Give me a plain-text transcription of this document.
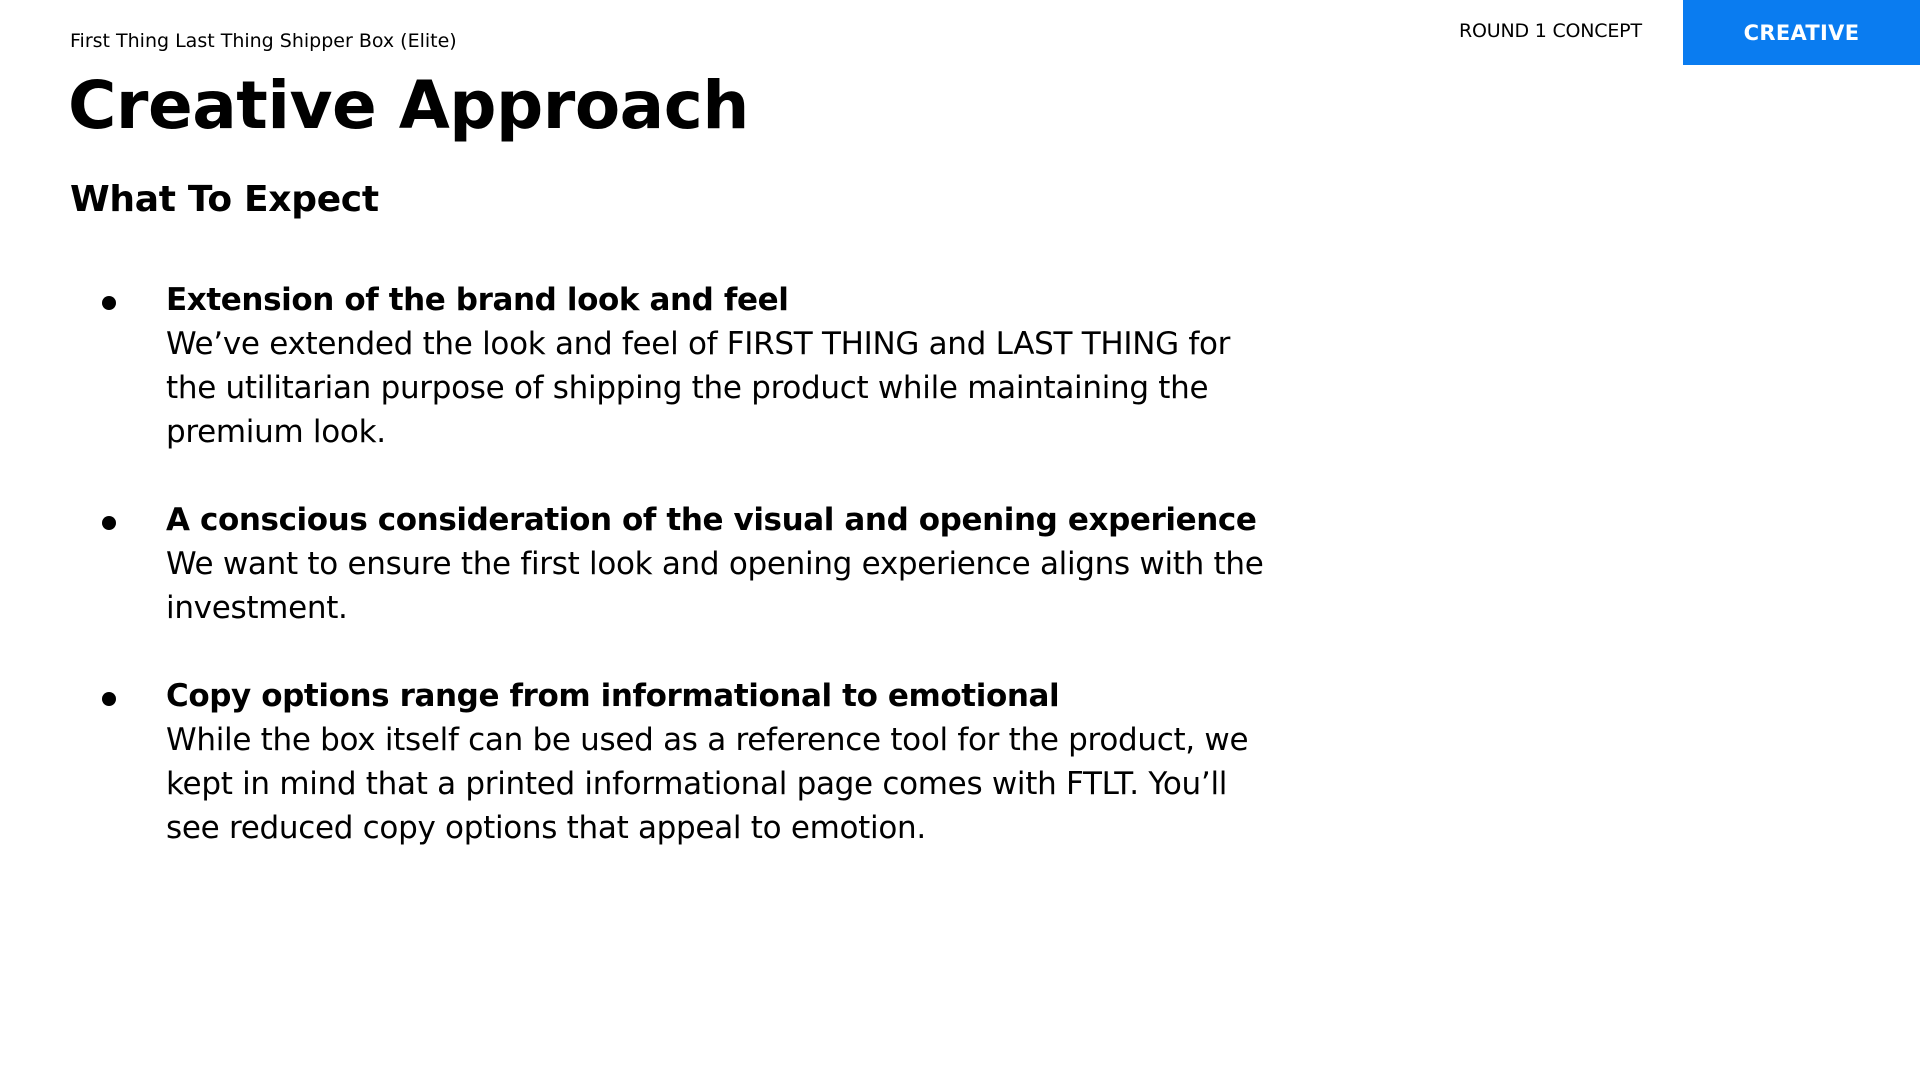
First Thing Last Thing Shipper Box (Elite)	ROUND 1 CONCEPT	CREATIVE
Creative Approach
What To Expect
Extension of the brand look and feel
We’ve extended the look and feel of FIRST THING and LAST THING for the utilitarian purpose of shipping the product while maintaining the premium look.
A conscious consideration of the visual and opening experience
We want to ensure the first look and opening experience aligns with the investment.
Copy options range from informational to emotional
While the box itself can be used as a reference tool for the product, we kept in mind that a printed informational page comes with FTLT. You’ll see reduced copy options that appeal to emotion.
